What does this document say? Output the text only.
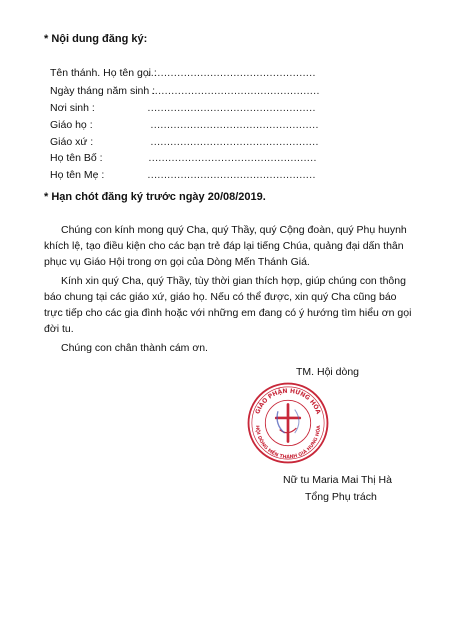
* Nội dung đăng ký:
Tên thánh. Họ tên gọi :
……………………………………………
Ngày tháng năm sinh :
……………………………………………
Nơi sinh :	……………………………………………
Giáo họ :	……………………………………………
Giáo xứ :	……………………………………………
Họ tên Bố :	……………………………………………
Họ tên Mẹ :	……………………………………………
* Hạn chót đăng ký trước ngày 20/08/2019.

Chúng con kính mong quý Cha, quý Thầy, quý Cộng đoàn, quý Phụ huynh khích lệ, tạo điều kiện cho các bạn trẻ đáp lại tiếng Chúa, quảng đại dấn thân phục vụ Giáo Hội trong ơn gọi của Dòng Mến Thánh Giá.

Kính xin quý Cha, quý Thầy, tùy thời gian thích hợp, giúp chúng con thông báo chung tại các giáo xứ, giáo họ. Nếu có thể được, xin quý Cha cũng báo trực tiếp cho các gia đình hoặc với những em đang có ý hướng tìm hiểu ơn gọi đời tu.

Chúng con chân thành cám ơn.

TM. Hội dòng
GIÁO PHẬN HƯNG HÓA
HỘI DÒNG MẾN THÁNH GIÁ HƯNG HÓA
Nữ tu Maria Mai Thị Hà
Tổng Phụ trách
